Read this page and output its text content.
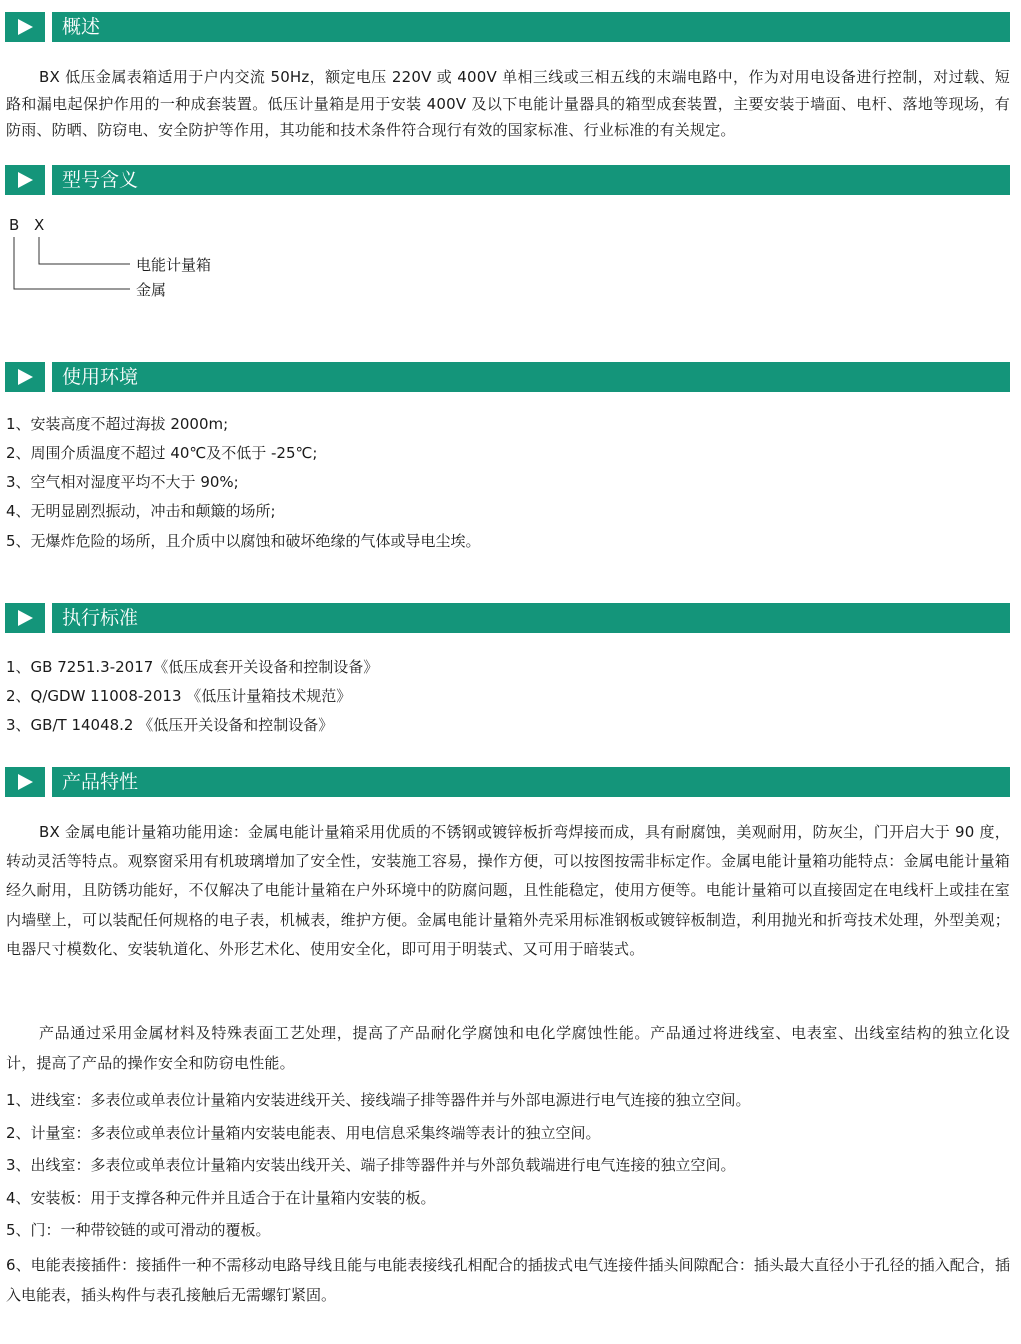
概述

BX 低压金属表箱适用于户内交流 50Hz，额定电压 220V 或 400V 单相三线或三相五线的末端电路中，作为对用电设备进行控制，对过载、短路和漏电起保护作用的一种成套装置。低压计量箱是用于安装 400V 及以下电能计量器具的箱型成套装置，主要安装于墙面、电杆、落地等现场，有防雨、防晒、防窃电、安全防护等作用，其功能和技术条件符合现行有效的国家标准、行业标准的有关规定。

型号含义
B X
电能计量箱
金属
使用环境

1、安装高度不超过海拔 2000m;

2、周围介质温度不超过 40℃及不低于 -25℃;

3、空气相对湿度平均不大于 90%;

4、无明显剧烈振动，冲击和颠簸的场所;

5、无爆炸危险的场所，且介质中以腐蚀和破坏绝缘的气体或导电尘埃。

执行标准

1、GB 7251.3-2017《低压成套开关设备和控制设备》

2、Q/GDW 11008-2013 《低压计量箱技术规范》

3、GB/T 14048.2 《低压开关设备和控制设备》

产品特性

BX 金属电能计量箱功能用途：金属电能计量箱采用优质的不锈钢或镀锌板折弯焊接而成，具有耐腐蚀，美观耐用，防灰尘，门开启大于 90 度，转动灵活等特点。观察窗采用有机玻璃增加了安全性，安装施工容易，操作方便，可以按图按需非标定作。金属电能计量箱功能特点：金属电能计量箱经久耐用，且防锈功能好，不仅解决了电能计量箱在户外环境中的防腐问题，且性能稳定，使用方便等。电能计量箱可以直接固定在电线杆上或挂在室内墙壁上，可以装配任何规格的电子表，机械表，维护方便。金属电能计量箱外壳采用标准钢板或镀锌板制造，利用抛光和折弯技术处理，外型美观；电器尺寸模数化、安装轨道化、外形艺术化、使用安全化，即可用于明装式、又可用于暗装式。

产品通过采用金属材料及特殊表面工艺处理，提高了产品耐化学腐蚀和电化学腐蚀性能。产品通过将进线室、电表室、出线室结构的独立化设计，提高了产品的操作安全和防窃电性能。

1、进线室：多表位或单表位计量箱内安装进线开关、接线端子排等器件并与外部电源进行电气连接的独立空间。

2、计量室：多表位或单表位计量箱内安装电能表、用电信息采集终端等表计的独立空间。

3、出线室：多表位或单表位计量箱内安装出线开关、端子排等器件并与外部负载端进行电气连接的独立空间。

4、安装板：用于支撑各种元件并且适合于在计量箱内安装的板。

5、门：一种带铰链的或可滑动的覆板。

6、电能表接插件：接插件一种不需移动电路导线且能与电能表接线孔相配合的插拔式电气连接件插头间隙配合：插头最大直径小于孔径的插入配合，插入电能表，插头构件与表孔接触后无需螺钉紧固。
